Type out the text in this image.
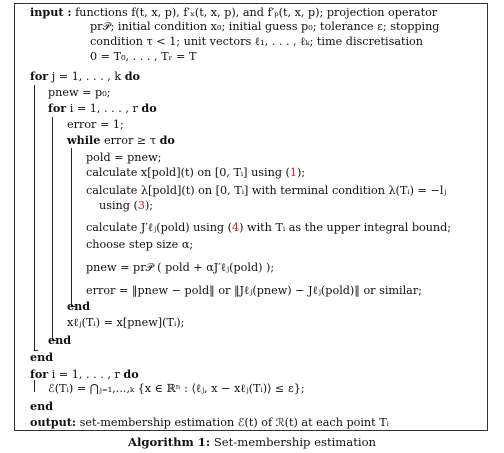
input : functions f(t, x, p), f′ₓ(t, x, p), and f′ₚ(t, x, p); projection operator
pr𝒫; initial condition x₀; initial guess p₀; tolerance ε; stopping
condition τ < 1; unit vectors ℓ₁, . . . , ℓₖ; time discretisation
0 = T₀, . . . , Tᵣ = T
for j = 1, . . . , k do
pnew = p₀;
for i = 1, . . . , r do
error = 1;
while error ≥ τ do
pold = pnew;
calculate x[pold](t) on [0, Tᵢ] using (1);
calculate λ[pold](t) on [0, Tᵢ] with terminal condition λ(Tᵢ) = −lⱼ
using (3);
calculate J′ℓⱼ(pold) using (4) with Tᵢ as the upper integral bound;
choose step size α;
pnew = pr𝒫 ( pold + αJ′ℓⱼ(pold) );
error = ‖pnew − pold‖ or ‖Jℓⱼ(pnew) − Jℓⱼ(pold)‖ or similar;
end
xℓⱼ(Tᵢ) = x[pnew](Tᵢ);
end
end
for i = 1, . . . , r do
ℰ(Tᵢ) = ⋂ⱼ₌₁,...,ₖ {x ∈ ℝⁿ : ⟨ℓⱼ, x − xℓⱼ(Tᵢ)⟩ ≤ ε};
end
output: set-membership estimation ℰ(t) of ℛ(t) at each point Tᵢ
Algorithm 1: Set-membership estimation
